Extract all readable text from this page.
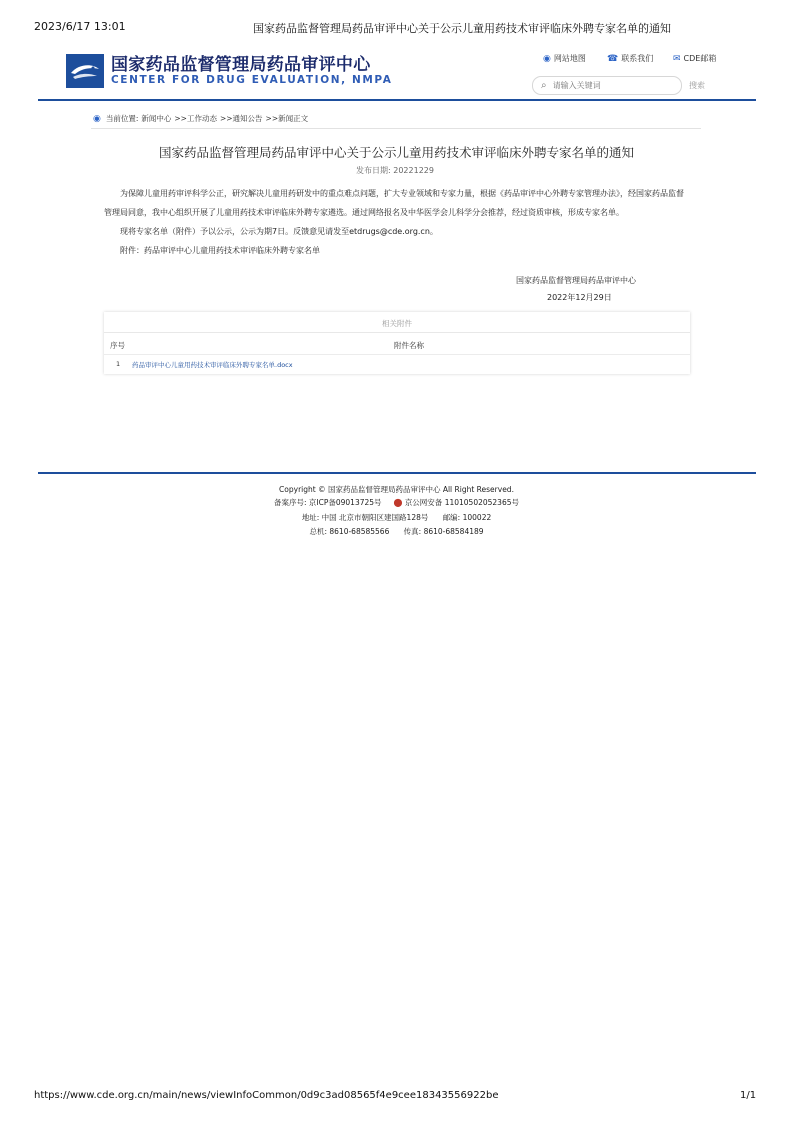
2023/6/17 13:01	国家药品监督管理局药品审评中心关于公示儿童用药技术审评临床外聘专家名单的通知
国家药品监督管理局药品审评中心
CENTER FOR DRUG EVALUATION, NMPA
◉ 网站地图 ☎ 联系我们 ✉ CDE邮箱
⌕
请输入关键词	搜索
◉ 当前位置: 新闻中心 >>工作动态 >>通知公告 >>新闻正文
国家药品监督管理局药品审评中心关于公示儿童用药技术审评临床外聘专家名单的通知
发布日期: 20221229

为保障儿童用药审评科学公正，研究解决儿童用药研发中的重点难点问题，扩大专业领域和专家力量，根据《药品审评中心外聘专家管理办法》，经国家药品监督管理局同意，我中心组织开展了儿童用药技术审评临床外聘专家遴选。通过网络报名及中华医学会儿科学分会推荐，经过资质审核，形成专家名单。

现将专家名单（附件）予以公示，公示为期7日。反馈意见请发至etdrugs@cde.org.cn。

附件：药品审评中心儿童用药技术审评临床外聘专家名单

国家药品监督管理局药品审评中心
2022年12月29日
相关附件
序号	附件名称
1 药品审评中心儿童用药技术审评临床外聘专家名单.docx
Copyright © 国家药品监督管理局药品审评中心 All Right Reserved.
备案序号: 京ICP备09013725号 ⬤ 京公网安备 11010502052365号
地址: 中国 北京市朝阳区建国路128号 邮编: 100022
总机: 8610-68585566 传真: 8610-68584189
https://www.cde.org.cn/main/news/viewInfoCommon/0d9c3ad08565f4e9cee18343556922be	1/1
